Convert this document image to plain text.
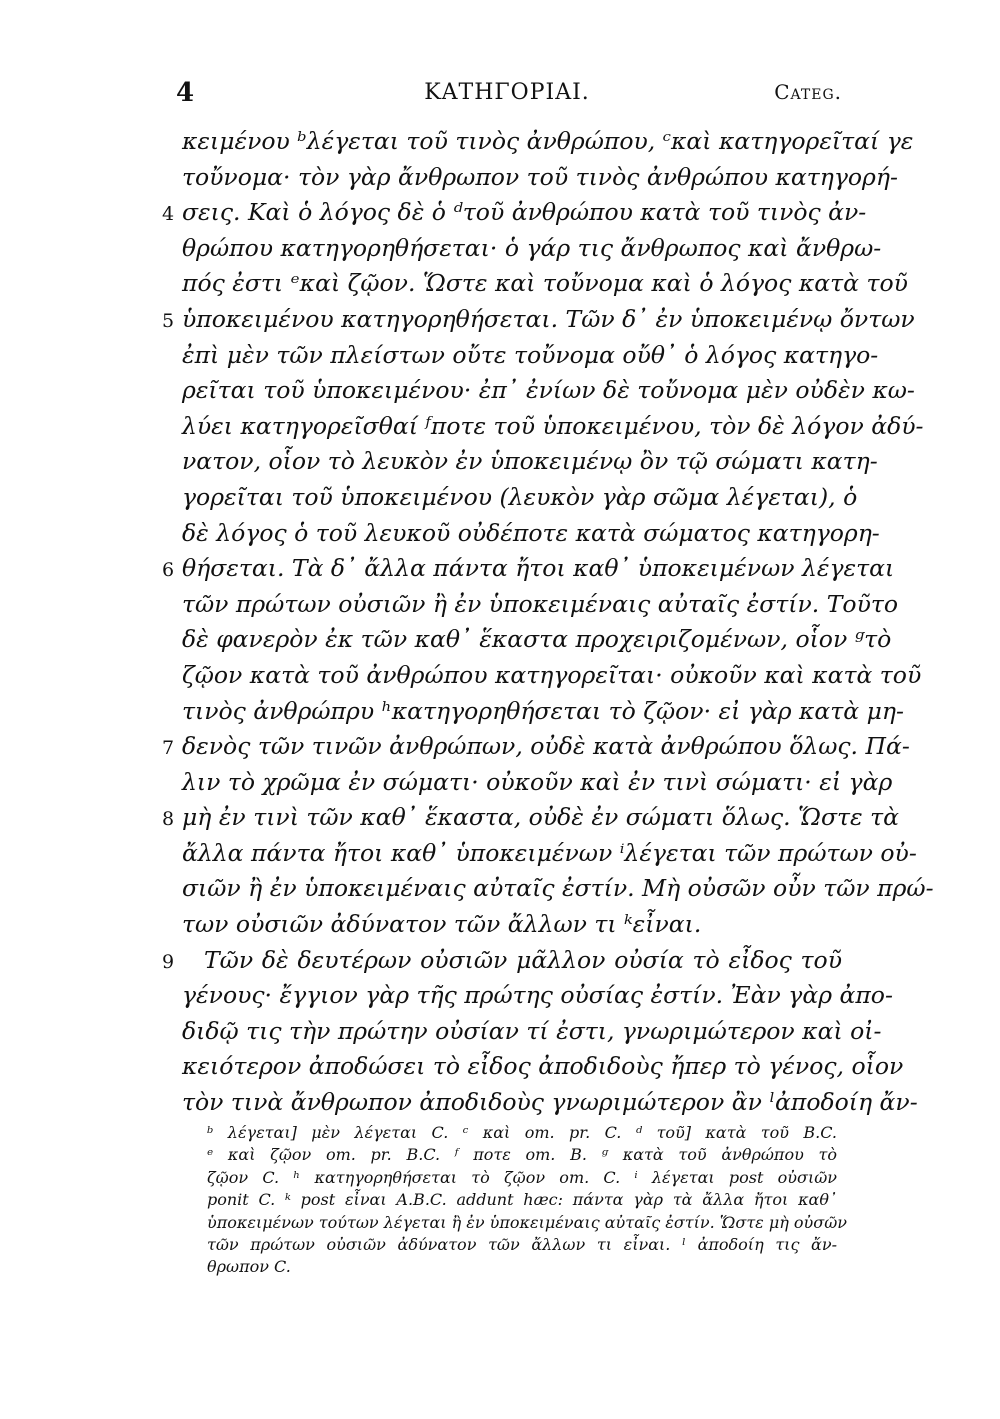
4	ΚΑΤΗΓΟΡΙΑΙ.	Categ.
κειμένου ᵇλέγεται τοῦ τινὸς ἀνθρώπου, ᶜκαὶ κατηγορεῖταί γε
τοὔνομα· τὸν γὰρ ἄνθρωπον τοῦ τινὸς ἀνθρώπου κατηγορή-
4 σεις. Καὶ ὁ λόγος δὲ ὁ ᵈτοῦ ἀνθρώπου κατὰ τοῦ τινὸς ἀν-
θρώπου κατηγορηθήσεται· ὁ γάρ τις ἄνθρωπος καὶ ἄνθρω-
πός ἐστι ᵉκαὶ ζῷον. Ὥστε καὶ τοὔνομα καὶ ὁ λόγος κατὰ τοῦ
5 ὑποκειμένου κατηγορηθήσεται. Τῶν δ᾽ ἐν ὑποκειμένῳ ὄντων
ἐπὶ μὲν τῶν πλείστων οὔτε τοὔνομα οὔθ᾽ ὁ λόγος κατηγο-
ρεῖται τοῦ ὑποκειμένου· ἐπ᾽ ἐνίων δὲ τοὔνομα μὲν οὐδὲν κω-
λύει κατηγορεῖσθαί ᶠποτε τοῦ ὑποκειμένου, τὸν δὲ λόγον ἀδύ-
νατον, οἷον τὸ λευκὸν ἐν ὑποκειμένῳ ὂν τῷ σώματι κατη-
γορεῖται τοῦ ὑποκειμένου (λευκὸν γὰρ σῶμα λέγεται), ὁ
δὲ λόγος ὁ τοῦ λευκοῦ οὐδέποτε κατὰ σώματος κατηγορη-
6 θήσεται. Τὰ δ᾽ ἄλλα πάντα ἤτοι καθ᾽ ὑποκειμένων λέγεται
τῶν πρώτων οὐσιῶν ἢ ἐν ὑποκειμέναις αὐταῖς ἐστίν. Τοῦτο
δὲ φανερὸν ἐκ τῶν καθ᾽ ἕκαστα προχειριζομένων, οἷον ᵍτὸ
ζῷον κατὰ τοῦ ἀνθρώπου κατηγορεῖται· οὐκοῦν καὶ κατὰ τοῦ
τινὸς ἀνθρώπρυ ʰκατηγορηθήσεται τὸ ζῷον· εἰ γὰρ κατὰ μη-
7 δενὸς τῶν τινῶν ἀνθρώπων, οὐδὲ κατὰ ἀνθρώπου ὅλως. Πά-
λιν τὸ χρῶμα ἐν σώματι· οὐκοῦν καὶ ἐν τινὶ σώματι· εἰ γὰρ
8 μὴ ἐν τινὶ τῶν καθ᾽ ἕκαστα, οὐδὲ ἐν σώματι ὅλως. Ὥστε τὰ
ἄλλα πάντα ἤτοι καθ᾽ ὑποκειμένων ⁱλέγεται τῶν πρώτων οὐ-
σιῶν ἢ ἐν ὑποκειμέναις αὐταῖς ἐστίν. Μὴ οὐσῶν οὖν τῶν πρώ-
των οὐσιῶν ἀδύνατον τῶν ἄλλων τι ᵏεἶναι.
9 Τῶν δὲ δευτέρων οὐσιῶν μᾶλλον οὐσία τὸ εἶδος τοῦ
γένους· ἔγγιον γὰρ τῆς πρώτης οὐσίας ἐστίν. Ἐὰν γὰρ ἀπο-
διδῷ τις τὴν πρώτην οὐσίαν τί ἐστι, γνωριμώτερον καὶ οἰ-
κειότερον ἀποδώσει τὸ εἶδος ἀποδιδοὺς ἤπερ τὸ γένος, οἷον
τὸν τινὰ ἄνθρωπον ἀποδιδοὺς γνωριμώτερον ἂν ˡἀποδοίη ἄν-
ᵇ λέγεται] μὲν λέγεται C. ᶜ καὶ om. pr. C. ᵈ τοῦ] κατὰ τοῦ B.C.
ᵉ καὶ ζῷον om. pr. B.C. ᶠ ποτε om. B. ᵍ κατὰ τοῦ ἀνθρώπου τὸ
ζῷον C. ʰ κατηγορηθήσεται τὸ ζῷον om. C. ⁱ λέγεται post οὐσιῶν
ponit C. ᵏ post εἶναι A.B.C. addunt hæc: πάντα γὰρ τὰ ἄλλα ἤτοι καθ᾽
ὑποκειμένων τούτων λέγεται ἢ ἐν ὑποκειμέναις αὐταῖς ἐστίν. Ὥστε μὴ οὐσῶν
τῶν πρώτων οὐσιῶν ἀδύνατον τῶν ἄλλων τι εἶναι. ˡ ἀποδοίη τις ἄν-
θρωπον C.
